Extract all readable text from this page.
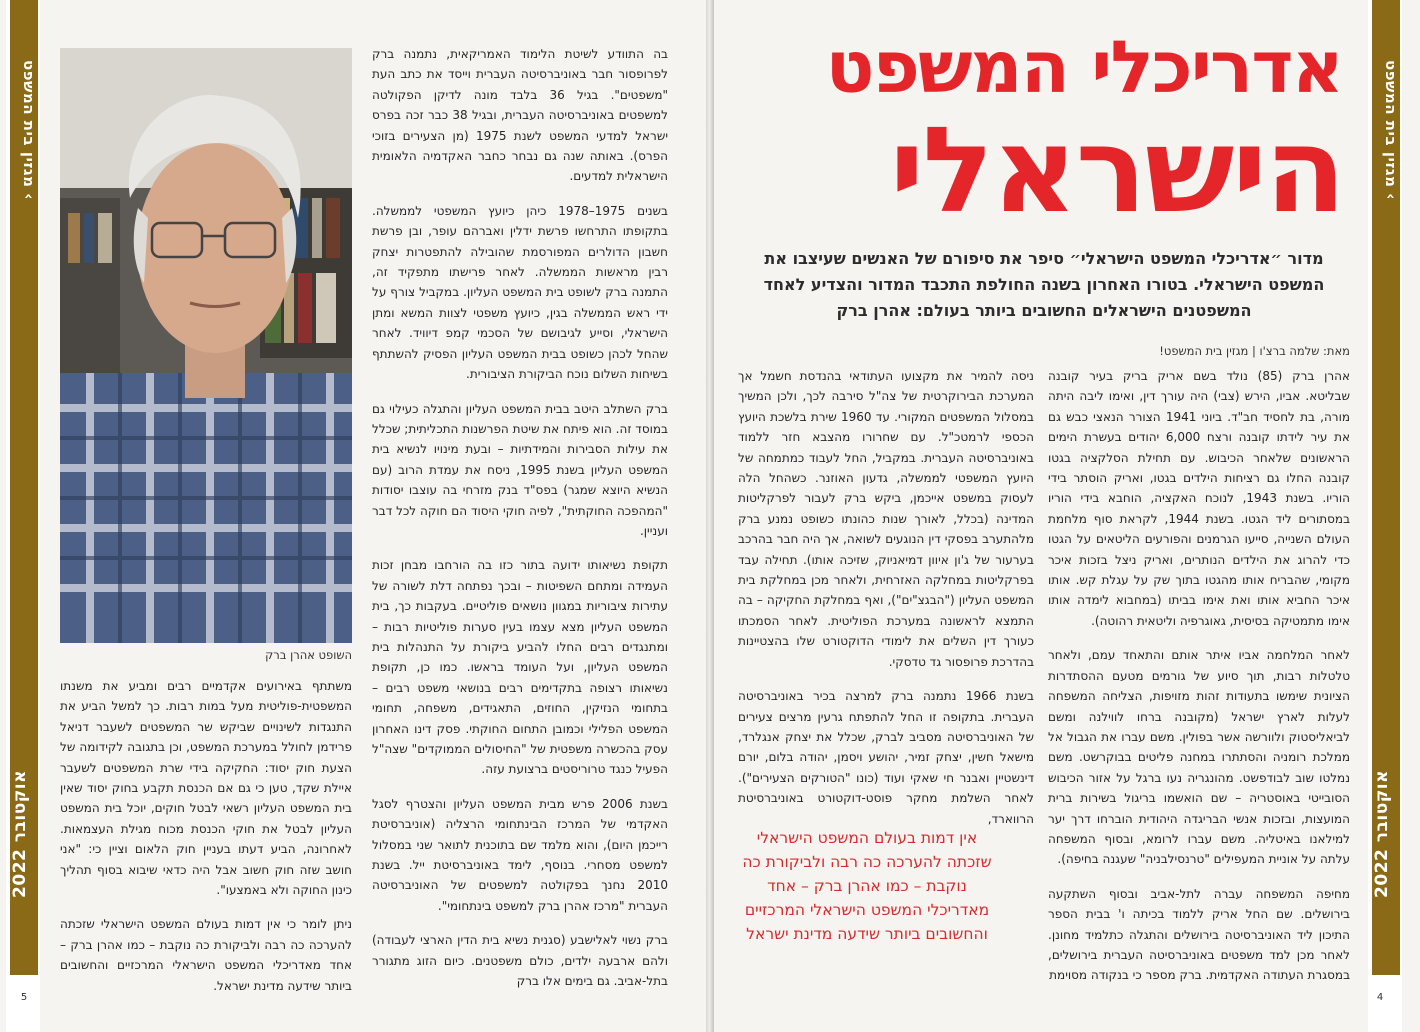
מגזין בית המשפט ‹
אוקטובר 2022
5
מגזין בית המשפט ‹
אוקטובר 2022
4
השופט אהרן ברק
אדריכלי המשפט
הישראלי
מדור ״אדריכלי המשפט הישראלי״ סיפר את סיפורם של האנשים שעיצבו את המשפט הישראלי. בטורו האחרון בשנה החולפת התכבד המדור והצדיע לאחד המשפטנים הישראלים החשובים ביותר בעולם: אהרן ברק
מאת: שלמה ברצ'ו | מגזין בית המשפט!

אהרן ברק (85) נולד בשם אריק בריק בעיר קובנה שבליטא. אביו, הירש (צבי) היה עורך דין, ואימו ליבה היתה מורה, בת לחסיד חב"ד. ביוני 1941 הצורר הנאצי כבש גם את עיר לידתו קובנה ורצח 6,000 יהודים בעשרת הימים הראשונים שלאחר הכיבוש. עם תחילת הסלקציה בגטו קובנה החלו גם רציחות הילדים בגטו, ואריק הוסתר בידי הוריו. בשנת 1943, לנוכח האקציה, הוחבא בידי הוריו במסתורים ליד הגטו. בשנת 1944, לקראת סוף מלחמת העולם השנייה, סייעו הגרמנים והפורעים הליטאים על הגטו כדי להרוג את הילדים הנותרים, ואריק ניצל בזכות איכר מקומי, שהבריח אותו מהגטו בתוך שק על עגלת קש. אותו איכר החביא אותו ואת אימו בביתו (במחבוא לימדה אותו אימו מתמטיקה בסיסית, גאוגרפיה וליטאית רהוטה).

לאחר המלחמה אביו איתר אותם והתאחד עמם, ולאחר טלטלות רבות, תוך סיוע של גורמים מטעם ההסתדרות הציונית שימשו בתעודות זהות מזויפות, הצליחה המשפחה לעלות לארץ ישראל (מקובנה ברחו לווילנה ומשם לביאליסטוק ולוורשה אשר בפולין. משם עברו את הגבול אל ממלכת רומניה והסתתרו במחנה פליטים בבוקרשט. משם נמלטו שוב לבודפשט. מהונגריה נעו ברגל על אזור הכיבוש הסובייטי באוסטריה – שם הואשמו בריגול בשירות ברית המועצות, ובזכות אנשי הבריגדה היהודית הוברחו דרך יער למילאנו באיטליה. משם עברו לרומא, ובסוף המשפחה עלתה על אוניית המעפילים "טרנסילבניה" שעגנה בחיפה).

מחיפה המשפחה עברה לתל-אביב ובסוף השתקעה בירושלים. שם החל אריק ללמוד בכיתה ו' בבית הספר התיכון ליד האוניברסיטה בירושלים והתגלה כתלמיד מחונן. לאחר מכן למד משפטים באוניברסיטה העברית בירושלים, במסגרת העתודה האקדמית. ברק מספר כי בנקודה מסוימת

ניסה להמיר את מקצועו העתודאי בהנדסת חשמל אך המערכת הבירוקרטית של צה"ל סירבה לכך, ולכן המשיך במסלול המשפטים המקורי. עד 1960 שירת בלשכת היועץ הכספי לרמטכ"ל. עם שחרורו מהצבא חזר ללמוד באוניברסיטה העברית. במקביל, החל לעבוד כמתמחה של היועץ המשפטי לממשלה, גדעון האוזנר. כשהחל הלה לעסוק במשפט אייכמן, ביקש ברק לעבור לפרקליטות המדינה (בכלל, לאורך שנות כהונתו כשופט נמנע ברק מלהתערב בפסקי דין הנוגעים לשואה, אך היה חבר בהרכב בערעור של ג'ון איוון דמיאניוק, שזיכה אותו). תחילה עבד בפרקליטות במחלקה האזרחית, ולאחר מכן במחלקת בית המשפט העליון ("הבגצ"ים"), ואף במחלקת החקיקה – בה התמצא לראשונה במערכת הפוליטית. לאחר הסמכתו כעורך דין השלים את לימודי הדוקטורט שלו בהצטיינות בהדרכת פרופסור גד טדסקי.

בשנת 1966 נתמנה ברק למרצה בכיר באוניברסיטה העברית. בתקופה זו החל להתפתח גרעין מרצים צעירים של האוניברסיטה מסביב לברק, שכלל את יצחק אנגלרד, מישאל חשין, יצחק זמיר, יהושע ויסמן, יהודה בלום, יורם דינשטיין ואבנר חי שאקי ועוד (כונו "הטורקים הצעירים"). לאחר השלמת מחקר פוסט-דוקטורט באוניברסיטת הרווארד,

אין דמות בעולם המשפט הישראלי שזכתה להערכה כה רבה ולביקורת כה נוקבת – כמו אהרן ברק – אחד מאדריכלי המשפט הישראלי המרכזיים והחשובים ביותר שידעה מדינת ישראל

בה התוודע לשיטת הלימוד האמריקאית, נתמנה ברק לפרופסור חבר באוניברסיטה העברית וייסד את כתב העת "משפטים". בגיל 36 בלבד מונה לדיקן הפקולטה למשפטים באוניברסיטה העברית, ובגיל 38 כבר זכה בפרס ישראל למדעי המשפט לשנת 1975 (מן הצעירים בזוכי הפרס). באותה שנה גם נבחר כחבר האקדמיה הלאומית הישראלית למדעים.

בשנים 1975–1978 כיהן כיועץ המשפטי לממשלה. בתקופתו התרחשו פרשת ידלין ואברהם עופר, ובן פרשת חשבון הדולרים המפורסמת שהובילה להתפטרות יצחק רבין מראשות הממשלה. לאחר פרישתו מתפקיד זה, התמנה ברק לשופט בית המשפט העליון. במקביל צורף על ידי ראש הממשלה בגין, כיועץ משפטי לצוות המשא ומתן הישראלי, וסייע לגיבושם של הסכמי קמפ דיוויד. לאחר שהחל לכהן כשופט בבית המשפט העליון הפסיק להשתתף בשיחות השלום נוכח הביקורת הציבורית.

ברק השתלב היטב בבית המשפט העליון והתגלה כעילוי גם במוסד זה. הוא פיתח את שיטת הפרשנות התכליתית; שכלל את עילות הסבירות והמידתיות – ובעת מינויו לנשיא בית המשפט העליון בשנת 1995, ניסח את עמדת הרוב (עם הנשיא היוצא שמגר) בפס"ד בנק מזרחי בה עוצבו יסודות "המהפכה החוקתית", לפיה חוקי היסוד הם חוקה לכל דבר ועניין.

תקופת נשיאותו ידועה בתור כזו בה הורחבו מבחן זכות העמידה ומתחם השפיטות – ובכך נפתחה דלת לשורה של עתירות ציבוריות במגוון נושאים פוליטיים. בעקבות כך, בית המשפט העליון מצא עצמו בעין סערות פוליטיות רבות – ומתנגדים רבים החלו להביע ביקורת על התנהלות בית המשפט העליון, ועל העומד בראשו. כמו כן, תקופת נשיאותו רצופה בתקדימים רבים בנושאי משפט רבים – בתחומי הנזיקין, החוזים, התאגידים, משפחה, תחומי המשפט הפלילי וכמובן התחום החוקתי. פסק דינו האחרון עסק בהכשרה משפטית של "החיסולים הממוקדים" שצה"ל הפעיל כנגד טרוריסטים ברצועת עזה.

בשנת 2006 פרש מבית המשפט העליון והצטרף לסגל האקדמי של המרכז הבינתחומי הרצליה (אוניברסיטת רייכמן היום), והוא מלמד שם בתוכנית לתואר שני במסלול למשפט מסחרי. בנוסף, לימד באוניברסיטת ייל. בשנת 2010 נחנך בפקולטה למשפטים של האוניברסיטה העברית "מרכז אהרן ברק למשפט בינתחומי".

ברק נשוי לאלישבע (סגנית נשיא בית הדין הארצי לעבודה) ולהם ארבעה ילדים, כולם משפטנים. כיום הזוג מתגורר בתל-אביב. גם בימים אלו ברק

משתתף באירועים אקדמיים רבים ומביע את משנתו המשפטית-פוליטית מעל במות רבות. כך למשל הביע את התנגדות לשינויים שביקש שר המשפטים לשעבר דניאל פרידמן לחולל במערכת המשפט, וכן בתגובה לקידומה של הצעת חוק יסוד: החקיקה בידי שרת המשפטים לשעבר איילת שקד, טען כי גם אם הכנסת תקבע בחוק יסוד שאין בית המשפט העליון רשאי לבטל חוקים, יוכל בית המשפט העליון לבטל את חוקי הכנסת מכוח מגילת העצמאות. לאחרונה, הביע דעתו בעניין חוק הלאום וציין כי: "אני חושב שזה חוק חשוב אבל היה כדאי שיבוא בסוף תהליך כינון החוקה ולא באמצעו".

ניתן לומר כי אין דמות בעולם המשפט הישראלי שזכתה להערכה כה רבה ולביקורת כה נוקבת – כמו אהרן ברק – אחד מאדריכלי המשפט הישראלי המרכזיים והחשובים ביותר שידעה מדינת ישראל.
